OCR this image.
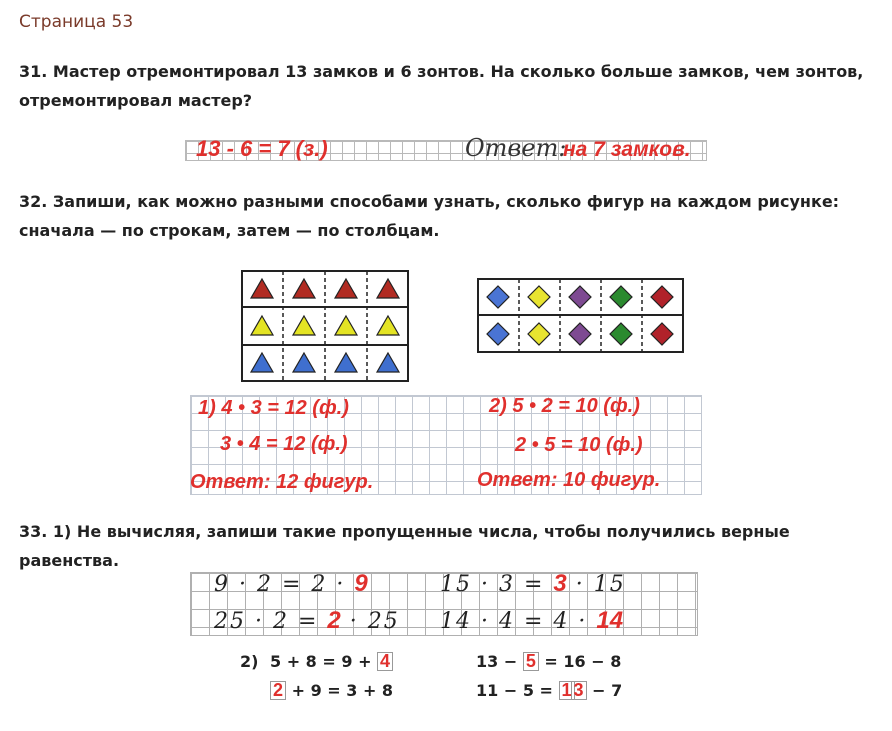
Страница 53
31. Мастер отремонтировал 13 замков и 6 зонтов. На сколько больше замков, чем зонтов, отремонтировал мастер?
13 - 6 = 7 (з.)	Ответ:
на 7 замков.
32. Запиши, как можно разными способами узнать, сколько фигур на каждом рисунке: сначала — по строкам, затем — по столбцам.
1) 4 • 3 = 12 (ф.)
3 • 4 = 12 (ф.)
Ответ: 12 фигур.
2) 5 • 2 = 10 (ф.)
2 • 5 = 10 (ф.)
Ответ: 10 фигур.
33. 1) Не вычисляя, запиши такие пропущенные числа, чтобы получились верные равенства.
9 · 2 = 2 · 9	15 · 3 = 3 · 15
25 · 2 = 2 · 25 14 · 4 = 4 · 14
2) 5 + 8 = 9 + 4
2 + 9 = 3 + 8
13 − 5 = 16 − 8
11 − 5 = 1 3 − 7
